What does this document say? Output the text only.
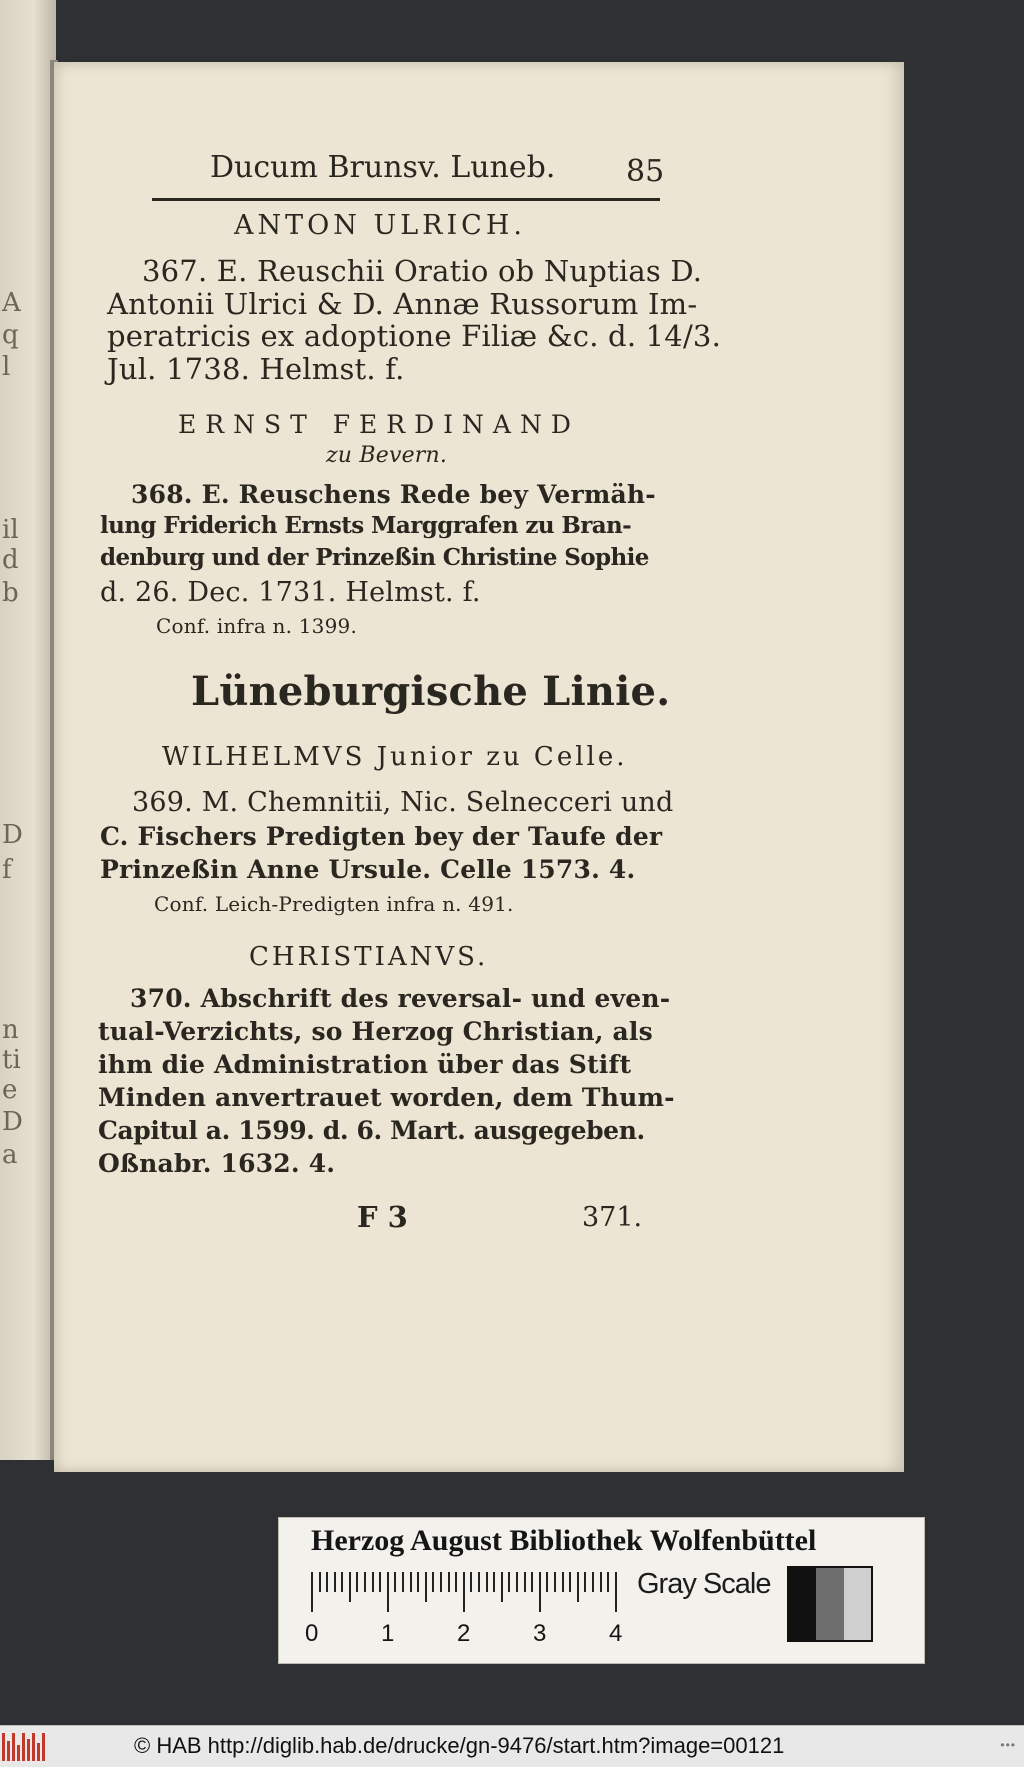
A
q
l
il
d
b
D
f
n
ti
e
D
a
Ducum Brunsv. Luneb. 85
ANTON ULRICH.
367. E. Reuschii Oratio ob Nuptias D.
Antonii Ulrici & D. Annæ Russorum Im-
peratricis ex adoptione Filiæ &c. d. 14/3.
Jul. 1738. Helmst. f.
ERNST FERDINAND
zu Bevern.
368. E. Reuschens Rede bey Vermäh-
lung Friderich Ernsts Marggrafen zu Bran-
denburg und der Prinzeßin Christine Sophie
d. 26. Dec. 1731. Helmst. f.
Conf. infra n. 1399.
Lüneburgische Linie.
WILHELMVS Junior zu Celle.
369. M. Chemnitii, Nic. Selnecceri und
C. Fischers Predigten bey der Taufe der
Prinzeßin Anne Ursule. Celle 1573. 4.
Conf. Leich-Predigten infra n. 491.
CHRISTIANVS.
370. Abschrift des reversal- und even-
tual-Verzichts, so Herzog Christian, als
ihm die Administration über das Stift
Minden anvertrauet worden, dem Thum-
Capitul a. 1599. d. 6. Mart. ausgegeben.
Oßnabr. 1632. 4.
F 3	371.
Herzog August Bibliothek Wolfenbüttel
0	1	2	3	4
Gray Scale
© HAB http://diglib.hab.de/drucke/gn-9476/start.htm?image=00121	•••
